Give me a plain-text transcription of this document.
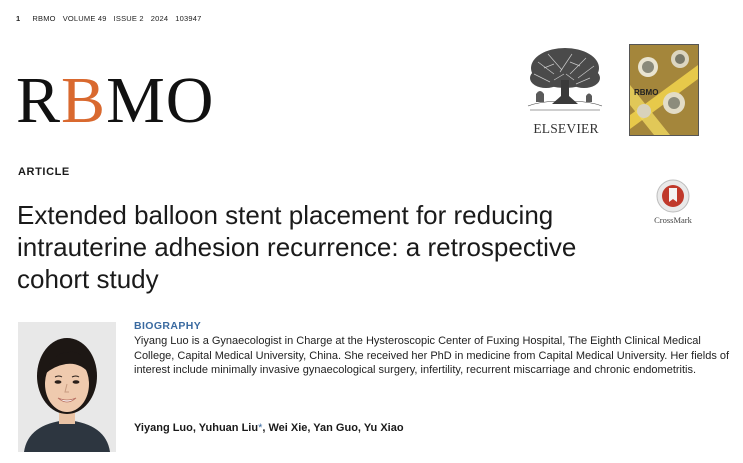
1 RBMO VOLUME 49 ISSUE 2 2024 103947
RBMO	ELSEVIER
RBMO
ARTICLE
CrossMark
Extended balloon stent placement for reducing intrauterine adhesion recurrence: a retrospective cohort study
BIOGRAPHY

Yiyang Luo is a Gynaecologist in Charge at the Hysteroscopic Center of Fuxing Hospital, The Eighth Clinical Medical College, Capital Medical University, China. She received her PhD in medicine from Capital Medical University. Her fields of interest include minimally invasive gynaecological surgery, infertility, recurrent miscarriage and chronic endometritis.

Yiyang Luo, Yuhuan Liu*, Wei Xie, Yan Guo, Yu Xiao
